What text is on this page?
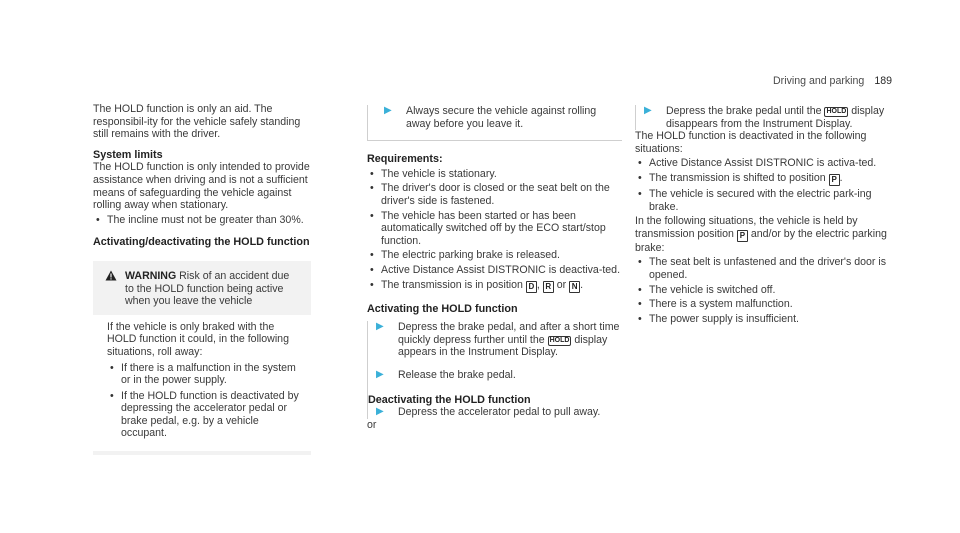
Driving and parking 189

The HOLD function is only an aid. The responsibil-ity for the vehicle safely standing still remains with the driver.

System limits

The HOLD function is only intended to provide assistance when driving and is not a sufficient means of safeguarding the vehicle against rolling away when stationary.

• The incline must not be greater than 30%.

Activating/deactivating the HOLD function

WARNING Risk of an accident due to the HOLD function being active when you leave the vehicle

If the vehicle is only braked with the HOLD function it could, in the following situations, roll away:

• If there is a malfunction in the system or in the power supply.
• If the HOLD function is deactivated by depressing the accelerator pedal or brake pedal, e.g. by a vehicle occupant.

▶ Always secure the vehicle against rolling away before you leave it.

Requirements:

• The vehicle is stationary.
• The driver's door is closed or the seat belt on the driver's side is fastened.
• The vehicle has been started or has been automatically switched off by the ECO start/stop function.
• The electric parking brake is released.
• Active Distance Assist DISTRONIC is deactiva-ted.
• The transmission is in position D , R or N .

Activating the HOLD function

▶ Depress the brake pedal, and after a short time quickly depress further until the HOLD display appears in the Instrument Display.

▶ Release the brake pedal.

Deactivating the HOLD function

▶ Depress the accelerator pedal to pull away.

or

▶ Depress the brake pedal until the HOLD display disappears from the Instrument Display.

The HOLD function is deactivated in the following situations:

• Active Distance Assist DISTRONIC is activa-ted.
• The transmission is shifted to position P .
• The vehicle is secured with the electric park-ing brake.

In the following situations, the vehicle is held by transmission position P and/or by the electric parking brake:

• The seat belt is unfastened and the driver's door is opened.
• The vehicle is switched off.
• There is a system malfunction.
• The power supply is insufficient.
